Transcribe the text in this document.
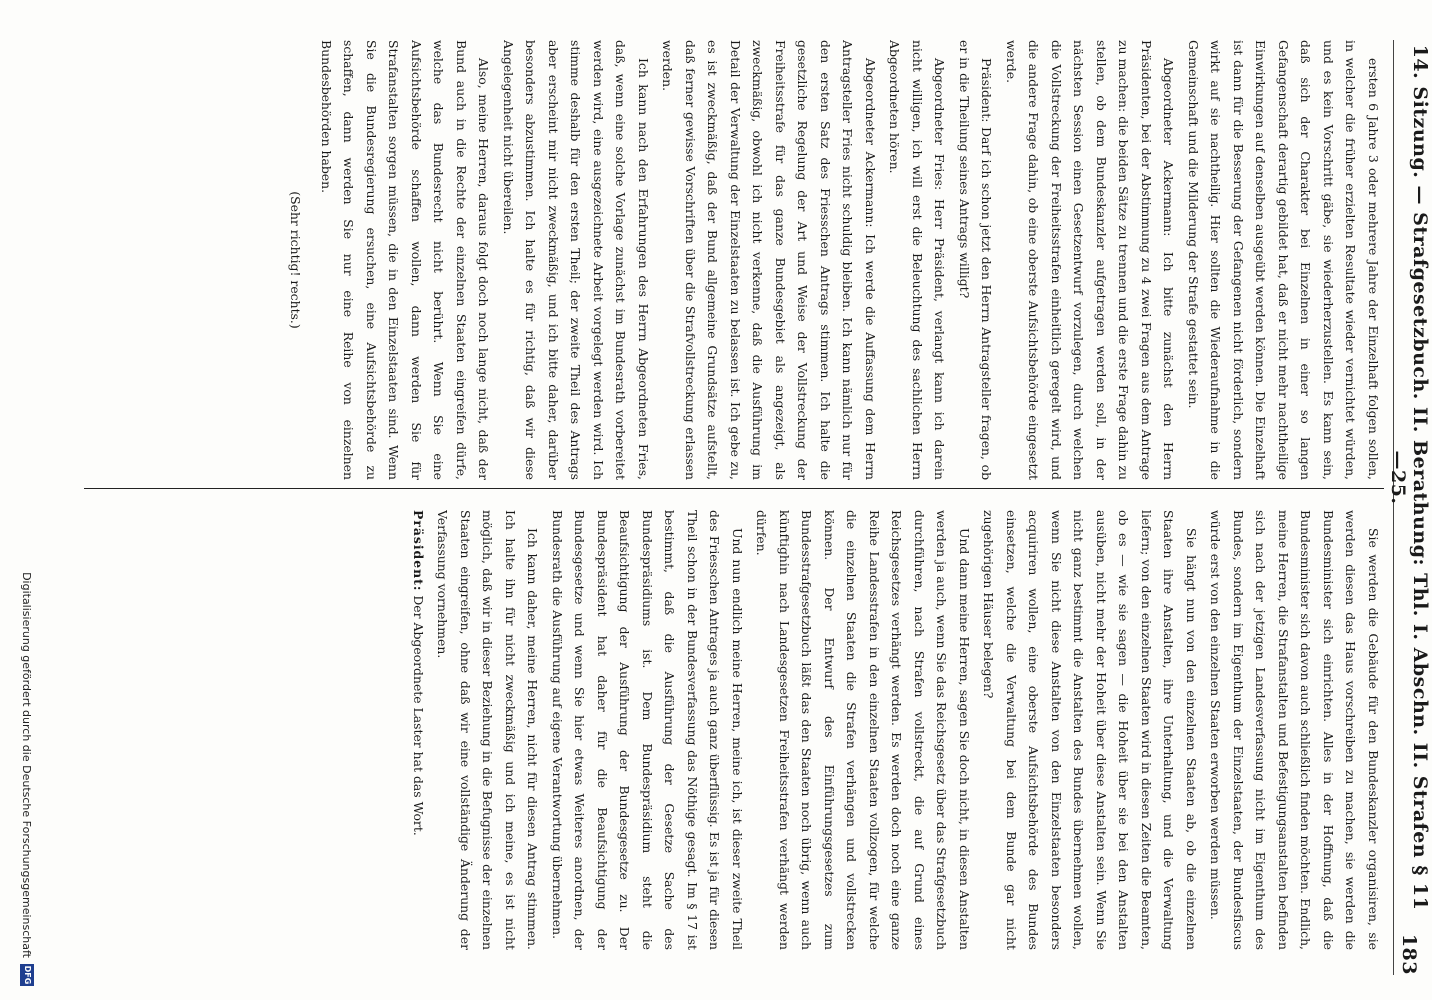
14. Sitzung. — Strafgesetzbuch. II. Berathung: Thl. I. Abschn. II. Strafen § 11—25.
183

ersten 6 Jahre 3 oder mehrere Jahre der Einzelhaft folgen sollen, in welcher die früher erzielten Resultate wieder vernichtet würden, und es kein Vorschritt gäbe, sie wiederherzustellen. Es kann sein, daß sich der Charakter bei Einzelnen in einer so langen Gefangenschaft derartig gebildet hat, daß er nicht mehr nachtheilige Einwirkungen auf denselben ausgeübt werden können. Die Einzelhaft ist dann für die Besserung der Gefangenen nicht förderlich, sondern wirkt auf sie nachtheilig. Hier sollten die Wiederaufnahme in die Gemeinschaft und die Milderung der Strafe gestattet sein.

Abgeordneter Ackermann: Ich bitte zunächst den Herrn Präsidenten, bei der Abstimmung zu 4 zwei Fragen aus dem Antrage zu machen: die beiden Sätze zu trennen und die erste Frage dahin zu stellen, ob dem Bundeskanzler aufgetragen werden soll, in der nächsten Session einen Gesetzentwurf vorzulegen, durch welchen die Vollstreckung der Freiheitsstrafen einheitlich geregelt wird, und die andere Frage dahin, ob eine oberste Aufsichtsbehörde eingesetzt werde.

Präsident: Darf ich schon jetzt den Herrn Antragsteller fragen, ob er in die Theilung seines Antrags willigt?

Abgeordneter Fries: Herr Präsident, verlangt kann ich darein nicht willigen, ich will erst die Beleuchtung des sachlichen Herrn Abgeordneten hören.

Abgeordneter Ackermann: Ich werde die Auffassung dem Herrn Antragsteller Fries nicht schuldig bleiben. Ich kann nämlich nur für den ersten Satz des Friesschen Antrags stimmen. Ich halte die gesetzliche Regelung der Art und Weise der Vollstreckung der Freiheitsstrafe für das ganze Bundesgebiet als angezeigt, als zweckmäßig, obwohl ich nicht verkenne, daß die Ausführung im Detail der Verwaltung der Einzelstaaten zu belassen ist. Ich gebe zu, es ist zweckmäßig, daß der Bund allgemeine Grundsätze aufstellt, daß ferner gewisse Vorschriften über die Strafvollstreckung erlassen werden.

Ich kann nach den Erfahrungen des Herrn Abgeordneten Fries, daß, wenn eine solche Vorlage zunächst im Bundesrath vorbereitet werden wird, eine ausgezeichnete Arbeit vorgelegt werden wird. Ich stimme deshalb für den ersten Theil; der zweite Theil des Antrags aber erscheint mir nicht zweckmäßig, und ich bitte daher, darüber besonders abzustimmen. Ich halte es für richtig, daß wir diese Angelegenheit nicht übereilen.

Also, meine Herren, daraus folgt doch noch lange nicht, daß der Bund auch in die Rechte der einzelnen Staaten eingreifen dürfe, welche das Bundesrecht nicht berührt. Wenn Sie eine Aufsichtsbehörde schaffen wollen, dann werden Sie für Strafanstalten sorgen müssen, die in den Einzelstaaten sind. Wenn Sie die Bundesregierung ersuchen, eine Aufsichtsbehörde zu schaffen, dann werden Sie nur eine Reihe von einzelnen Bundesbehörden haben.

(Sehr richtig! rechts.)

Sie werden die Gebäude für den Bundeskanzler organisiren, sie werden diesen das Haus vorschreiben zu machen, sie werden die Bundesminister sich einrichten. Alles in der Hoffnung, daß die Bundesminister sich davon auch schließlich finden möchten. Endlich, meine Herren, die Strafanstalten und Befestigungsanstalten befinden sich nach der jetzigen Landesverfassung nicht im Eigenthum des Bundes, sondern im Eigenthum der Einzelstaaten, der Bundesfiscus würde erst von den einzelnen Staaten erworben werden müssen.

Sie hängt nun von den einzelnen Staaten ab, ob die einzelnen Staaten ihre Anstalten, ihre Unterhaltung, und die Verwaltung liefern; von den einzelnen Staaten wird in diesen Zeiten die Beamten, ob es — wie sie sagen — die Hoheit über sie bei den Anstalten ausüben, nicht mehr der Hoheit über diese Anstalten sein. Wenn Sie nicht ganz bestimmt die Anstalten des Bundes übernehmen wollen, wenn Sie nicht diese Anstalten von den Einzelstaaten besonders acquiriren wollen, eine oberste Aufsichtsbehörde des Bundes einsetzen, welche die Verwaltung bei dem Bunde gar nicht zugehörigen Häuser belegen?

Und dann meine Herren, sagen Sie doch nicht, in diesen Anstalten werden ja auch, wenn Sie das Reichsgesetz über das Strafgesetzbuch durchführen, nach Strafen vollstreckt, die auf Grund eines Reichsgesetzes verhängt werden. Es werden doch noch eine ganze Reihe Landesstrafen in den einzelnen Staaten vollzogen, für welche die einzelnen Staaten die Strafen verhängen und vollstrecken können. Der Entwurf des Einführungsgesetzes zum Bundesstrafgesetzbuch läßt das den Staaten noch übrig, wenn auch künftighin nach Landesgesetzen Freiheitsstrafen verhängt werden dürfen.

Und nun endlich meine Herren, meine ich, ist dieser zweite Theil des Friesschen Antrages ja auch ganz überflüssig. Es ist ja für diesen Theil schon in der Bundesverfassung das Nöthige gesagt. Im § 17 ist bestimmt, daß die Ausführung der Gesetze Sache des Bundespräsidiums ist. Dem Bundespräsidium steht die Beaufsichtigung der Ausführung der Bundesgesetze zu. Der Bundespräsident hat daher für die Beaufsichtigung der Bundesgesetze und wenn Sie hier etwas Weiteres anordnen, der Bundesrath die Ausführung auf eigene Verantwortung übernehmen.

Ich kann daher, meine Herren, nicht für diesen Antrag stimmen. Ich halte ihn für nicht zweckmäßig und ich meine, es ist nicht möglich, daß wir in dieser Beziehung in die Befugnisse der einzelnen Staaten eingreifen, ohne daß wir eine vollständige Änderung der Verfassung vornehmen.

Präsident: Der Abgeordnete Laster hat das Wort.

Digitalisierung gefördert durch die Deutsche Forschungsgemeinschaft
DFG
